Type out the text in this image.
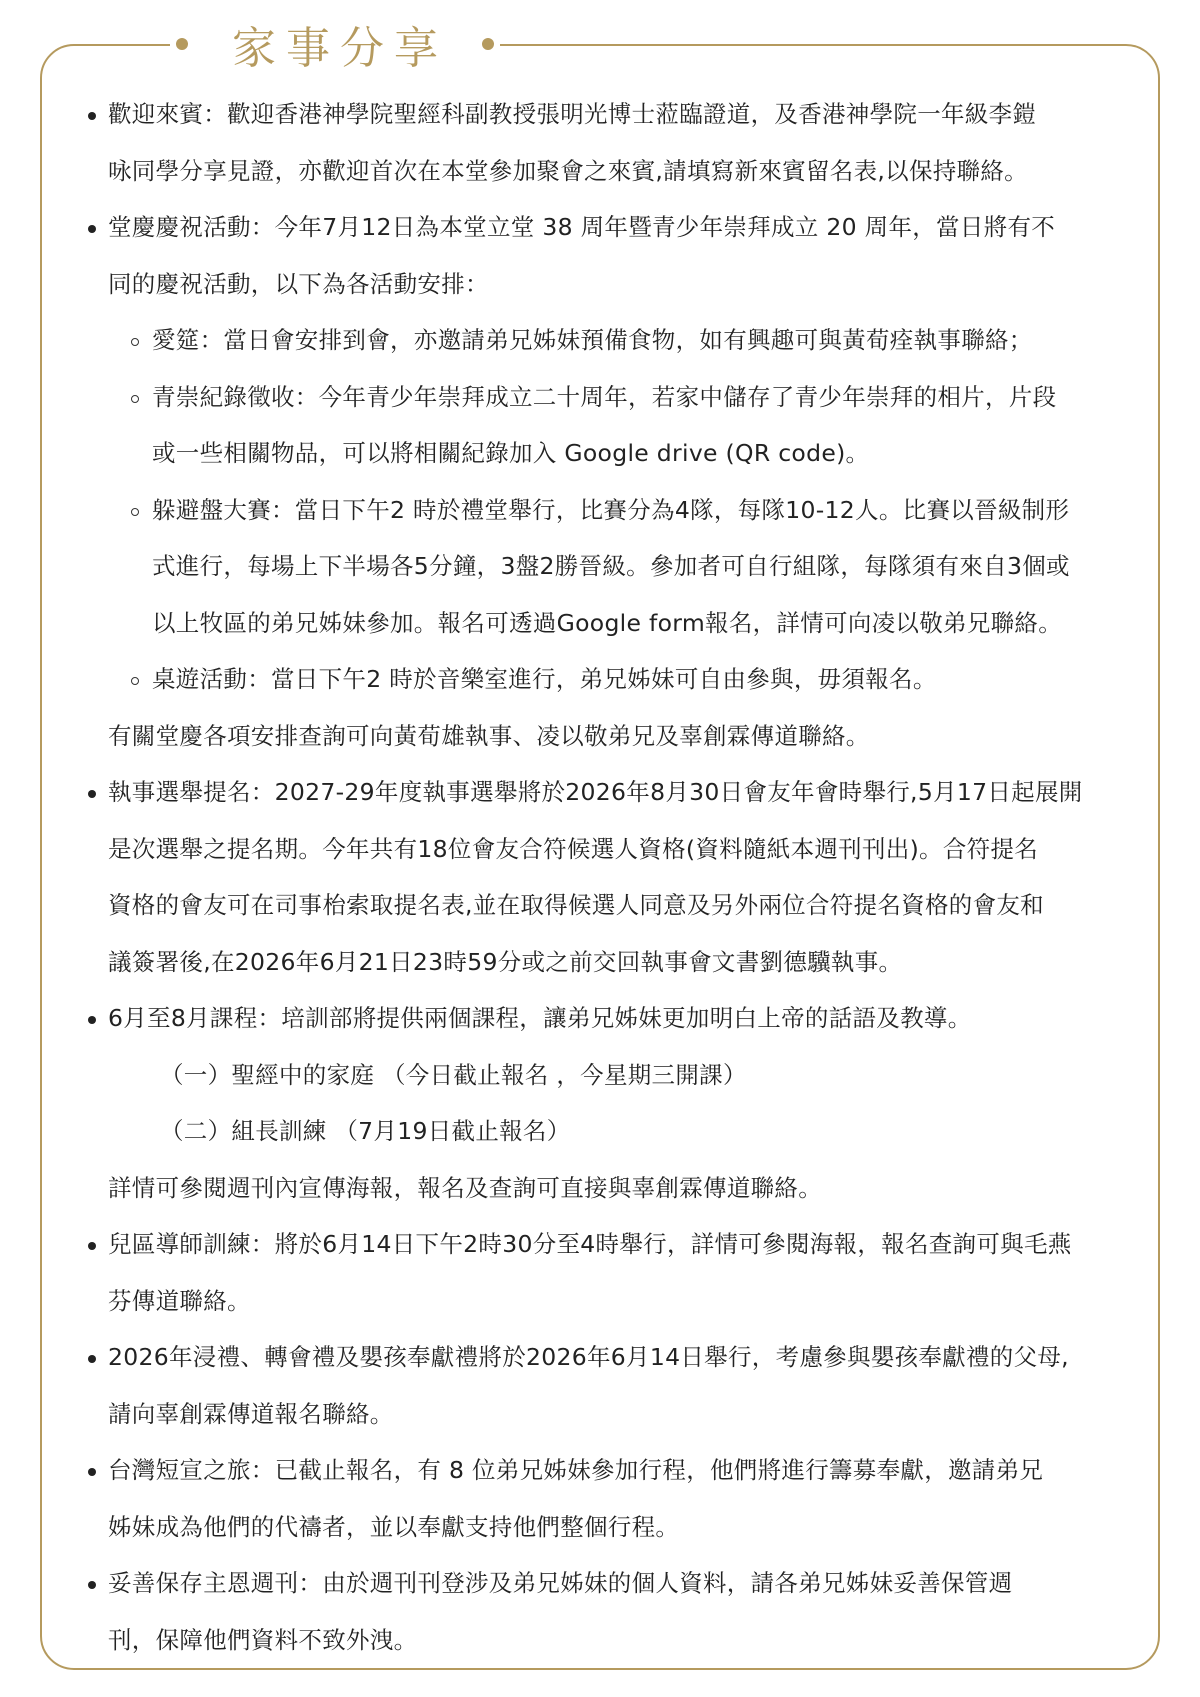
家事分享
歡迎來賓：歡迎香港神學院聖經科副教授張明光博士蒞臨證道，及香港神學院一年級李鎧
咏同學分享見證，亦歡迎首次在本堂參加聚會之來賓,請填寫新來賓留名表,以保持聯絡。
堂慶慶祝活動：今年7月12日為本堂立堂 38 周年暨青少年崇拜成立 20 周年，當日將有不
同的慶祝活動，以下為各活動安排：
愛筵：當日會安排到會，亦邀請弟兄姊妹預備食物，如有興趣可與黃荀痊執事聯絡；
青崇紀錄徵收：今年青少年崇拜成立二十周年，若家中儲存了青少年崇拜的相片，片段
或一些相關物品，可以將相關紀錄加入 Google drive (QR code)。
躲避盤大賽：當日下午2 時於禮堂舉行，比賽分為4隊，每隊10-12人。比賽以晉級制形
式進行，每場上下半場各5分鐘，3盤2勝晉級。參加者可自行組隊，每隊須有來自3個或
以上牧區的弟兄姊妹參加。報名可透過Google form報名，詳情可向凌以敬弟兄聯絡。
桌遊活動：當日下午2 時於音樂室進行，弟兄姊妹可自由參與，毋須報名。
有關堂慶各項安排查詢可向黃荀雄執事、凌以敬弟兄及辜創霖傳道聯絡。
執事選舉提名：2027-29年度執事選舉將於2026年8月30日會友年會時舉行,5月17日起展開
是次選舉之提名期。今年共有18位會友合符候選人資格(資料隨紙本週刊刊出)。合符提名
資格的會友可在司事枱索取提名表,並在取得候選人同意及另外兩位合符提名資格的會友和
議簽署後,在2026年6月21日23時59分或之前交回執事會文書劉德驥執事。
6月至8月課程：培訓部將提供兩個課程，讓弟兄姊妹更加明白上帝的話語及教導。
（一）聖經中的家庭 （今日截止報名 ，今星期三開課）
（二）組長訓練 （7月19日截止報名）
詳情可參閱週刊內宣傳海報，報名及查詢可直接與辜創霖傳道聯絡。
兒區導師訓練：將於6月14日下午2時30分至4時舉行，詳情可參閱海報，報名查詢可與毛燕
芬傳道聯絡。
2026年浸禮、轉會禮及嬰孩奉獻禮將於2026年6月14日舉行，考慮參與嬰孩奉獻禮的父母,
請向辜創霖傳道報名聯絡。
台灣短宣之旅：已截止報名，有 8 位弟兄姊妹參加行程，他們將進行籌募奉獻，邀請弟兄
姊妹成為他們的代禱者，並以奉獻支持他們整個行程。
妥善保存主恩週刊：由於週刊刊登涉及弟兄姊妹的個人資料，請各弟兄姊妹妥善保管週
刊，保障他們資料不致外洩。
